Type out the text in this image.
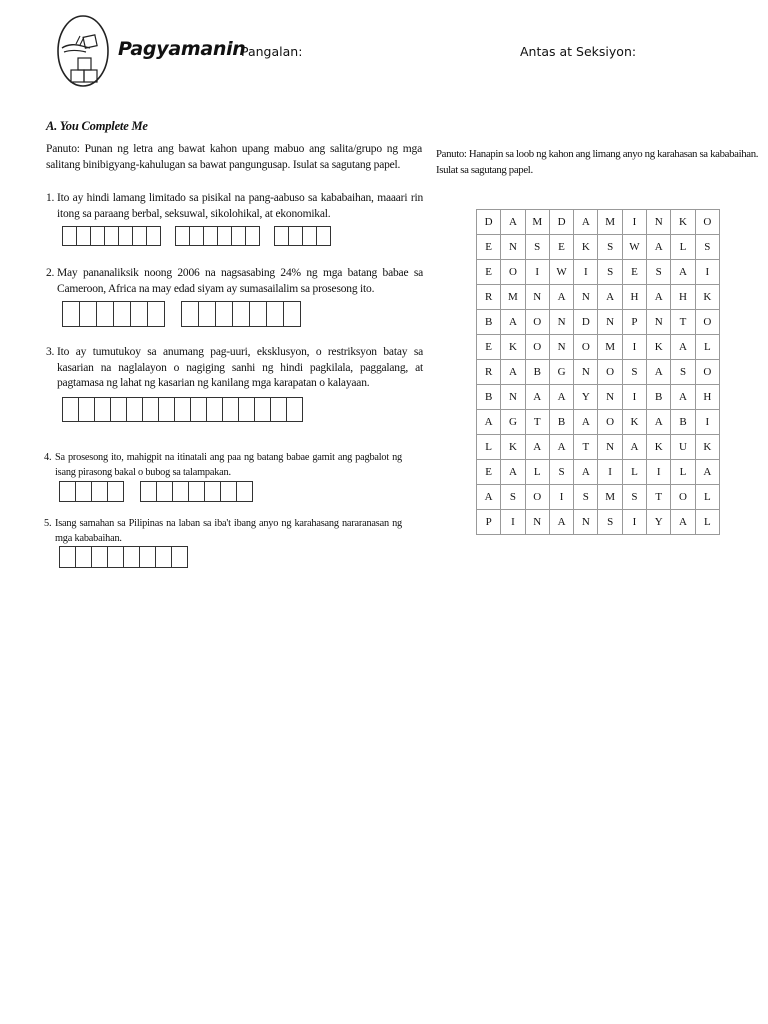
Pagyamanin
Pangalan:	Antas at Seksiyon:
A. You Complete Me
Panuto: Punan ng letra ang bawat kahon upang mabuo ang salita/grupo ng mga salitang binibigyang-kahulugan sa bawat pangungusap. Isulat sa sagutang papel.
1. Ito ay hindi lamang limitado sa pisikal na pang-aabuso sa kababaihan, maaari rin itong sa paraang berbal, seksuwal, sikolohikal, at ekonomikal.
2. May pananaliksik noong 2006 na nagsasabing 24% ng mga batang babae sa Cameroon, Africa na may edad siyam ay sumasailalim sa prosesong ito.
3. Ito ay tumutukoy sa anumang pag-uuri, eksklusyon, o restriksyon batay sa kasarian na naglalayon o nagiging sanhi ng hindi pagkilala, paggalang, at pagtamasa ng lahat ng kasarian ng kanilang mga karapatan o kalayaan.
4. Sa prosesong ito, mahigpit na itinatali ang paa ng batang babae gamit ang pagbalot ng isang pirasong bakal o bubog sa talampakan.
5. Isang samahan sa Pilipinas na laban sa iba't ibang anyo ng karahasang nararanasan ng mga kababaihan.
Panuto: Hanapin sa loob ng kahon ang limang anyo ng karahasan sa kababaihan. Isulat sa sagutang papel.
D	A	M	D	A	M	I	N	K	O
E	N	S	E	K	S	W	A	L	S
E	O	I	W	I	S	E	S	A	I
R	M	N	A	N	A	H	A	H	K
B	A	O	N	D	N	P	N	T	O
E	K	O	N	O	M	I	K	A	L
R	A	B	G	N	O	S	A	S	O
B	N	A	A	Y	N	I	B	A	H
A	G	T	B	A	O	K	A	B	I
L	K	A	A	T	N	A	K	U	K
E	A	L	S	A	I	L	I	L	A
A	S	O	I	S	M	S	T	O	L
P	I	N	A	N	S	I	Y	A	L
